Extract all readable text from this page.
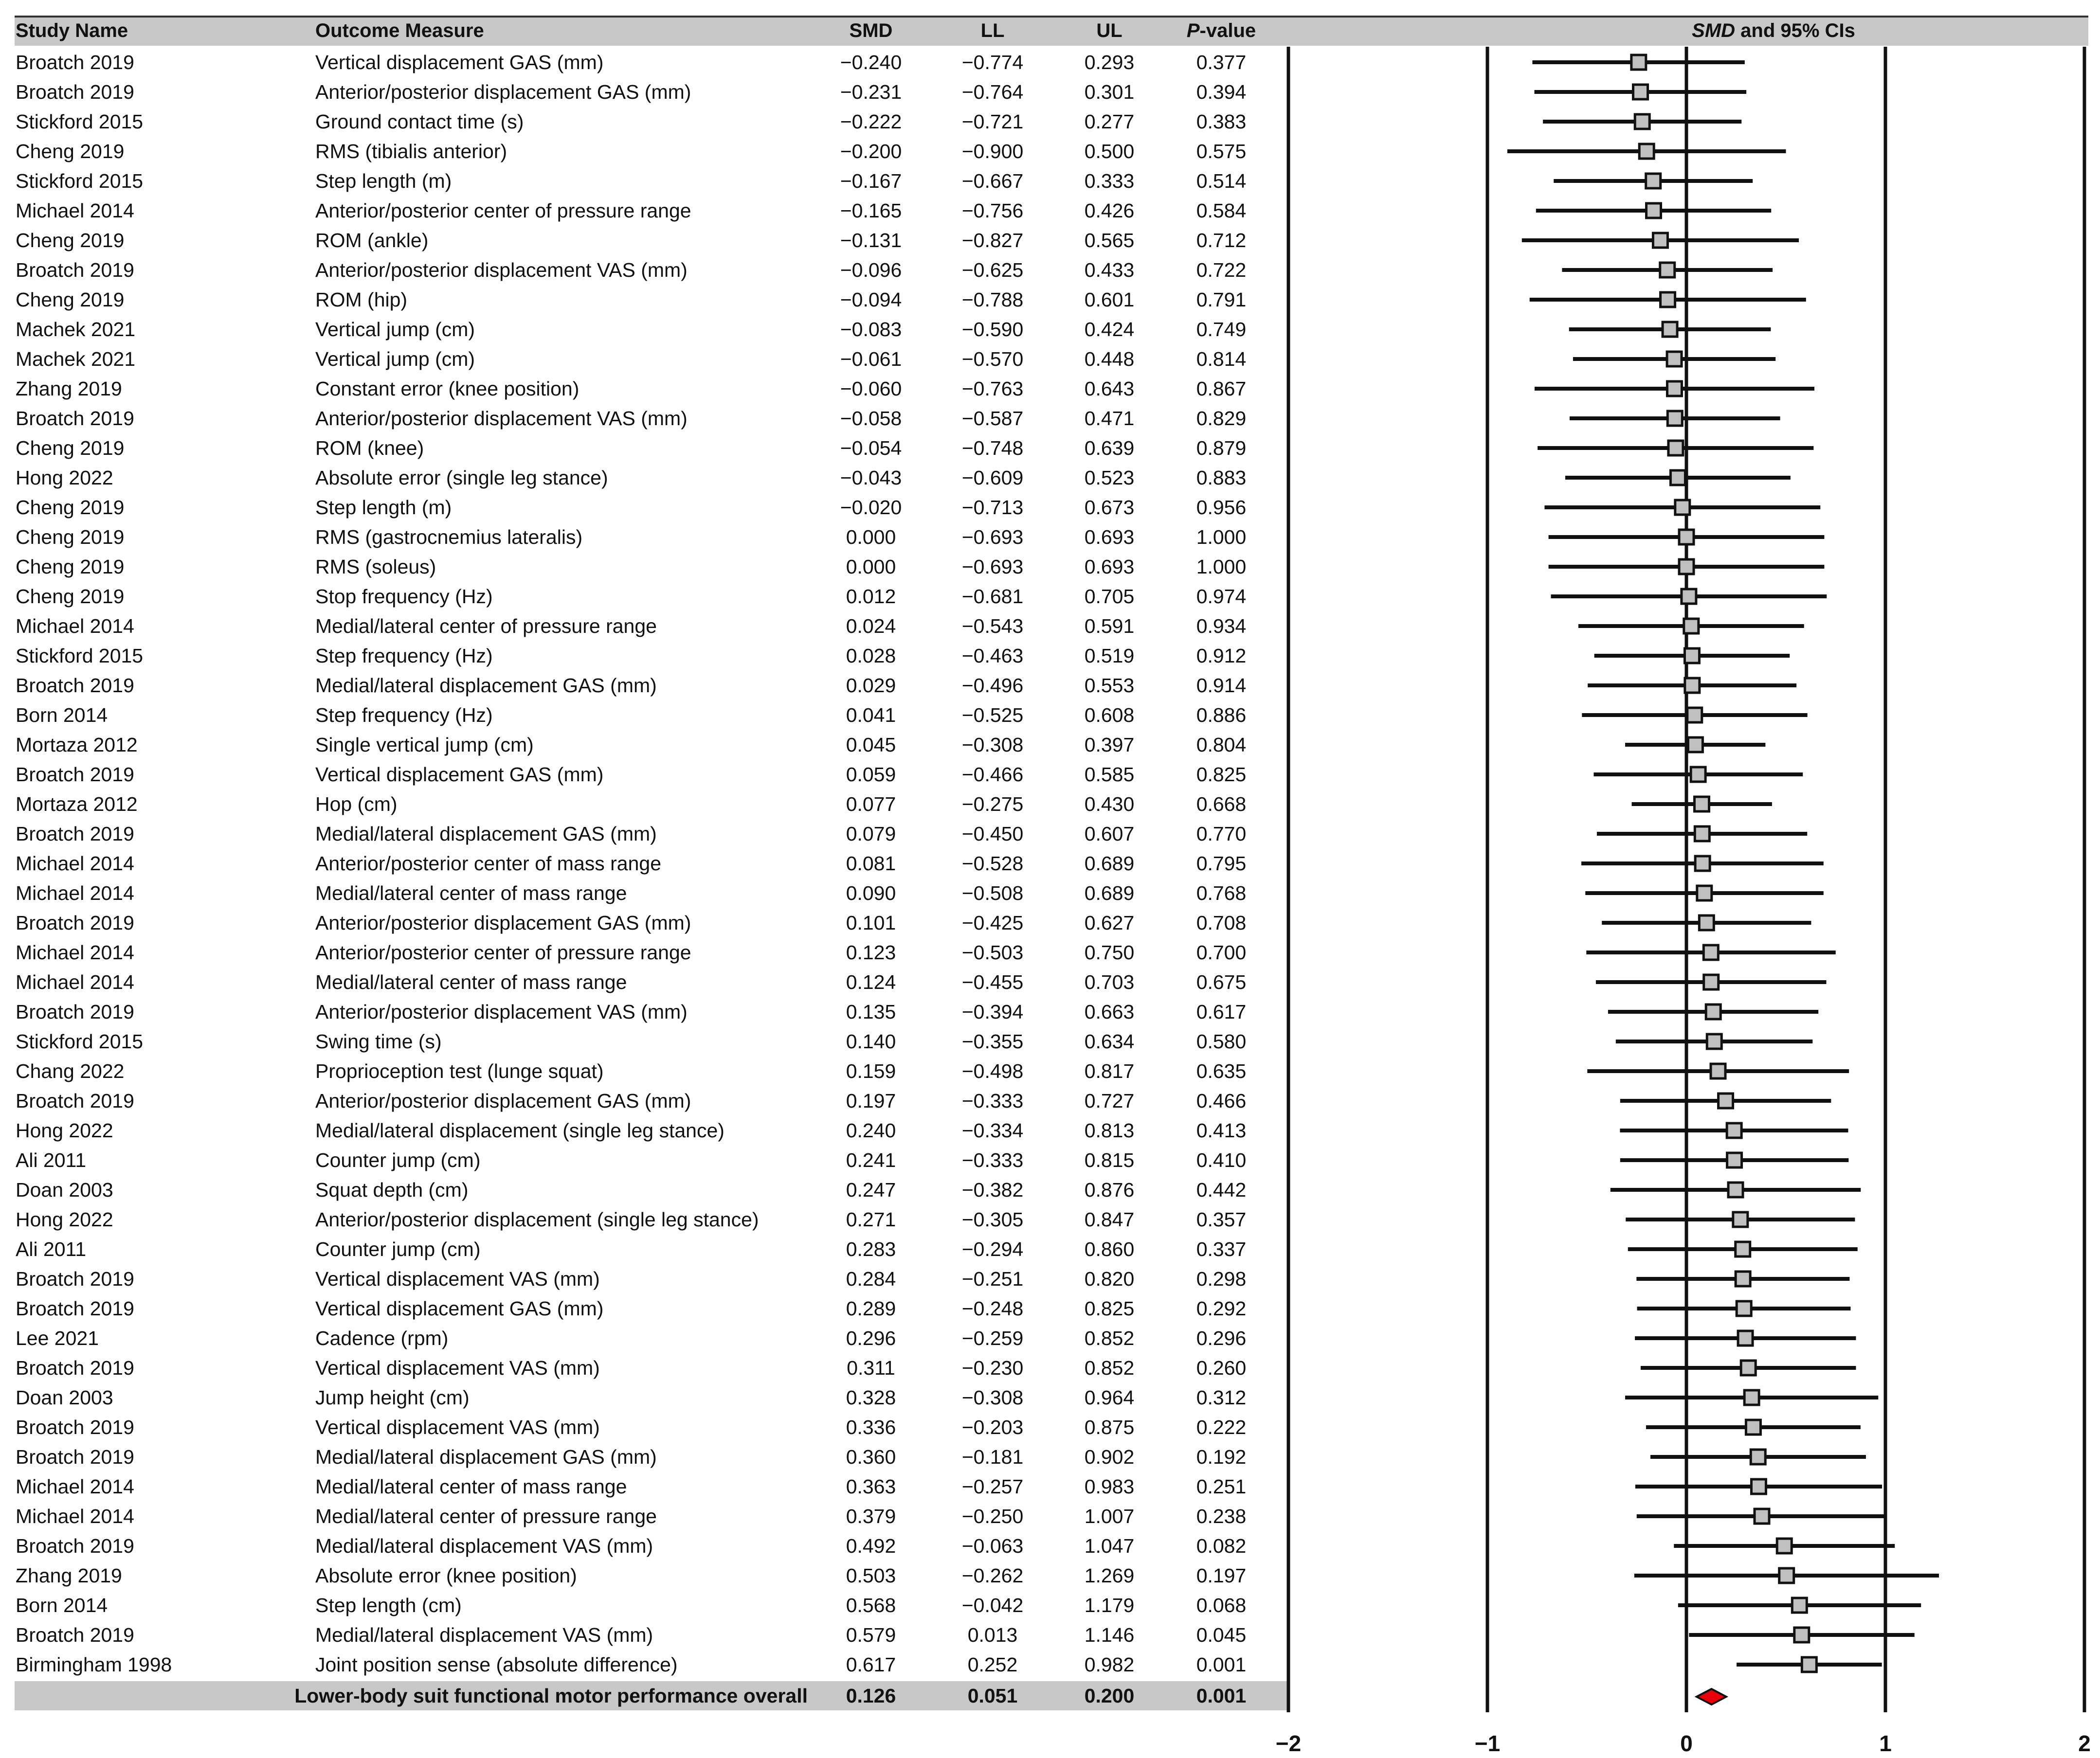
Study Name	Outcome Measure	SMD	LL	UL	P-value	SMD and 95% CIs
Broatch 2019	Vertical displacement GAS (mm)	−0.240	−0.774	0.293	0.377
Broatch 2019	Anterior/posterior displacement GAS (mm)	−0.231	−0.764	0.301	0.394
Stickford 2015	Ground contact time (s)	−0.222	−0.721	0.277	0.383
Cheng 2019	RMS (tibialis anterior)	−0.200	−0.900	0.500	0.575
Stickford 2015	Step length (m)	−0.167	−0.667	0.333	0.514
Michael 2014	Anterior/posterior center of pressure range	−0.165	−0.756	0.426	0.584
Cheng 2019	ROM (ankle)	−0.131	−0.827	0.565	0.712
Broatch 2019	Anterior/posterior displacement VAS (mm)	−0.096	−0.625	0.433	0.722
Cheng 2019	ROM (hip)	−0.094	−0.788	0.601	0.791
Machek 2021	Vertical jump (cm)	−0.083	−0.590	0.424	0.749
Machek 2021	Vertical jump (cm)	−0.061	−0.570	0.448	0.814
Zhang 2019	Constant error (knee position)	−0.060	−0.763	0.643	0.867
Broatch 2019	Anterior/posterior displacement VAS (mm)	−0.058	−0.587	0.471	0.829
Cheng 2019	ROM (knee)	−0.054	−0.748	0.639	0.879
Hong 2022	Absolute error (single leg stance)	−0.043	−0.609	0.523	0.883
Cheng 2019	Step length (m)	−0.020	−0.713	0.673	0.956
Cheng 2019	RMS (gastrocnemius lateralis)	0.000	−0.693	0.693	1.000
Cheng 2019	RMS (soleus)	0.000	−0.693	0.693	1.000
Cheng 2019	Stop frequency (Hz)	0.012	−0.681	0.705	0.974
Michael 2014	Medial/lateral center of pressure range	0.024	−0.543	0.591	0.934
Stickford 2015	Step frequency (Hz)	0.028	−0.463	0.519	0.912
Broatch 2019	Medial/lateral displacement GAS (mm)	0.029	−0.496	0.553	0.914
Born 2014	Step frequency (Hz)	0.041	−0.525	0.608	0.886
Mortaza 2012	Single vertical jump (cm)	0.045	−0.308	0.397	0.804
Broatch 2019	Vertical displacement GAS (mm)	0.059	−0.466	0.585	0.825
Mortaza 2012	Hop (cm)	0.077	−0.275	0.430	0.668
Broatch 2019	Medial/lateral displacement GAS (mm)	0.079	−0.450	0.607	0.770
Michael 2014	Anterior/posterior center of mass range	0.081	−0.528	0.689	0.795
Michael 2014	Medial/lateral center of mass range	0.090	−0.508	0.689	0.768
Broatch 2019	Anterior/posterior displacement GAS (mm)	0.101	−0.425	0.627	0.708
Michael 2014	Anterior/posterior center of pressure range	0.123	−0.503	0.750	0.700
Michael 2014	Medial/lateral center of mass range	0.124	−0.455	0.703	0.675
Broatch 2019	Anterior/posterior displacement VAS (mm)	0.135	−0.394	0.663	0.617
Stickford 2015	Swing time (s)	0.140	−0.355	0.634	0.580
Chang 2022	Proprioception test (lunge squat)	0.159	−0.498	0.817	0.635
Broatch 2019	Anterior/posterior displacement GAS (mm)	0.197	−0.333	0.727	0.466
Hong 2022	Medial/lateral displacement (single leg stance)	0.240	−0.334	0.813	0.413
Ali 2011	Counter jump (cm)	0.241	−0.333	0.815	0.410
Doan 2003	Squat depth (cm)	0.247	−0.382	0.876	0.442
Hong 2022	Anterior/posterior displacement (single leg stance)	0.271	−0.305	0.847	0.357
Ali 2011	Counter jump (cm)	0.283	−0.294	0.860	0.337
Broatch 2019	Vertical displacement VAS (mm)	0.284	−0.251	0.820	0.298
Broatch 2019	Vertical displacement GAS (mm)	0.289	−0.248	0.825	0.292
Lee 2021	Cadence (rpm)	0.296	−0.259	0.852	0.296
Broatch 2019	Vertical displacement VAS (mm)	0.311	−0.230	0.852	0.260
Doan 2003	Jump height (cm)	0.328	−0.308	0.964	0.312
Broatch 2019	Vertical displacement VAS (mm)	0.336	−0.203	0.875	0.222
Broatch 2019	Medial/lateral displacement GAS (mm)	0.360	−0.181	0.902	0.192
Michael 2014	Medial/lateral center of mass range	0.363	−0.257	0.983	0.251
Michael 2014	Medial/lateral center of pressure range	0.379	−0.250	1.007	0.238
Broatch 2019	Medial/lateral displacement VAS (mm)	0.492	−0.063	1.047	0.082
Zhang 2019	Absolute error (knee position)	0.503	−0.262	1.269	0.197
Born 2014	Step length (cm)	0.568	−0.042	1.179	0.068
Broatch 2019	Medial/lateral displacement VAS (mm)	0.579	0.013	1.146	0.045
Birmingham 1998	Joint position sense (absolute difference)	0.617	0.252	0.982	0.001
Lower-body suit functional motor performance overall	0.126	0.051	0.200	0.001
−2	−1	0	1	2
